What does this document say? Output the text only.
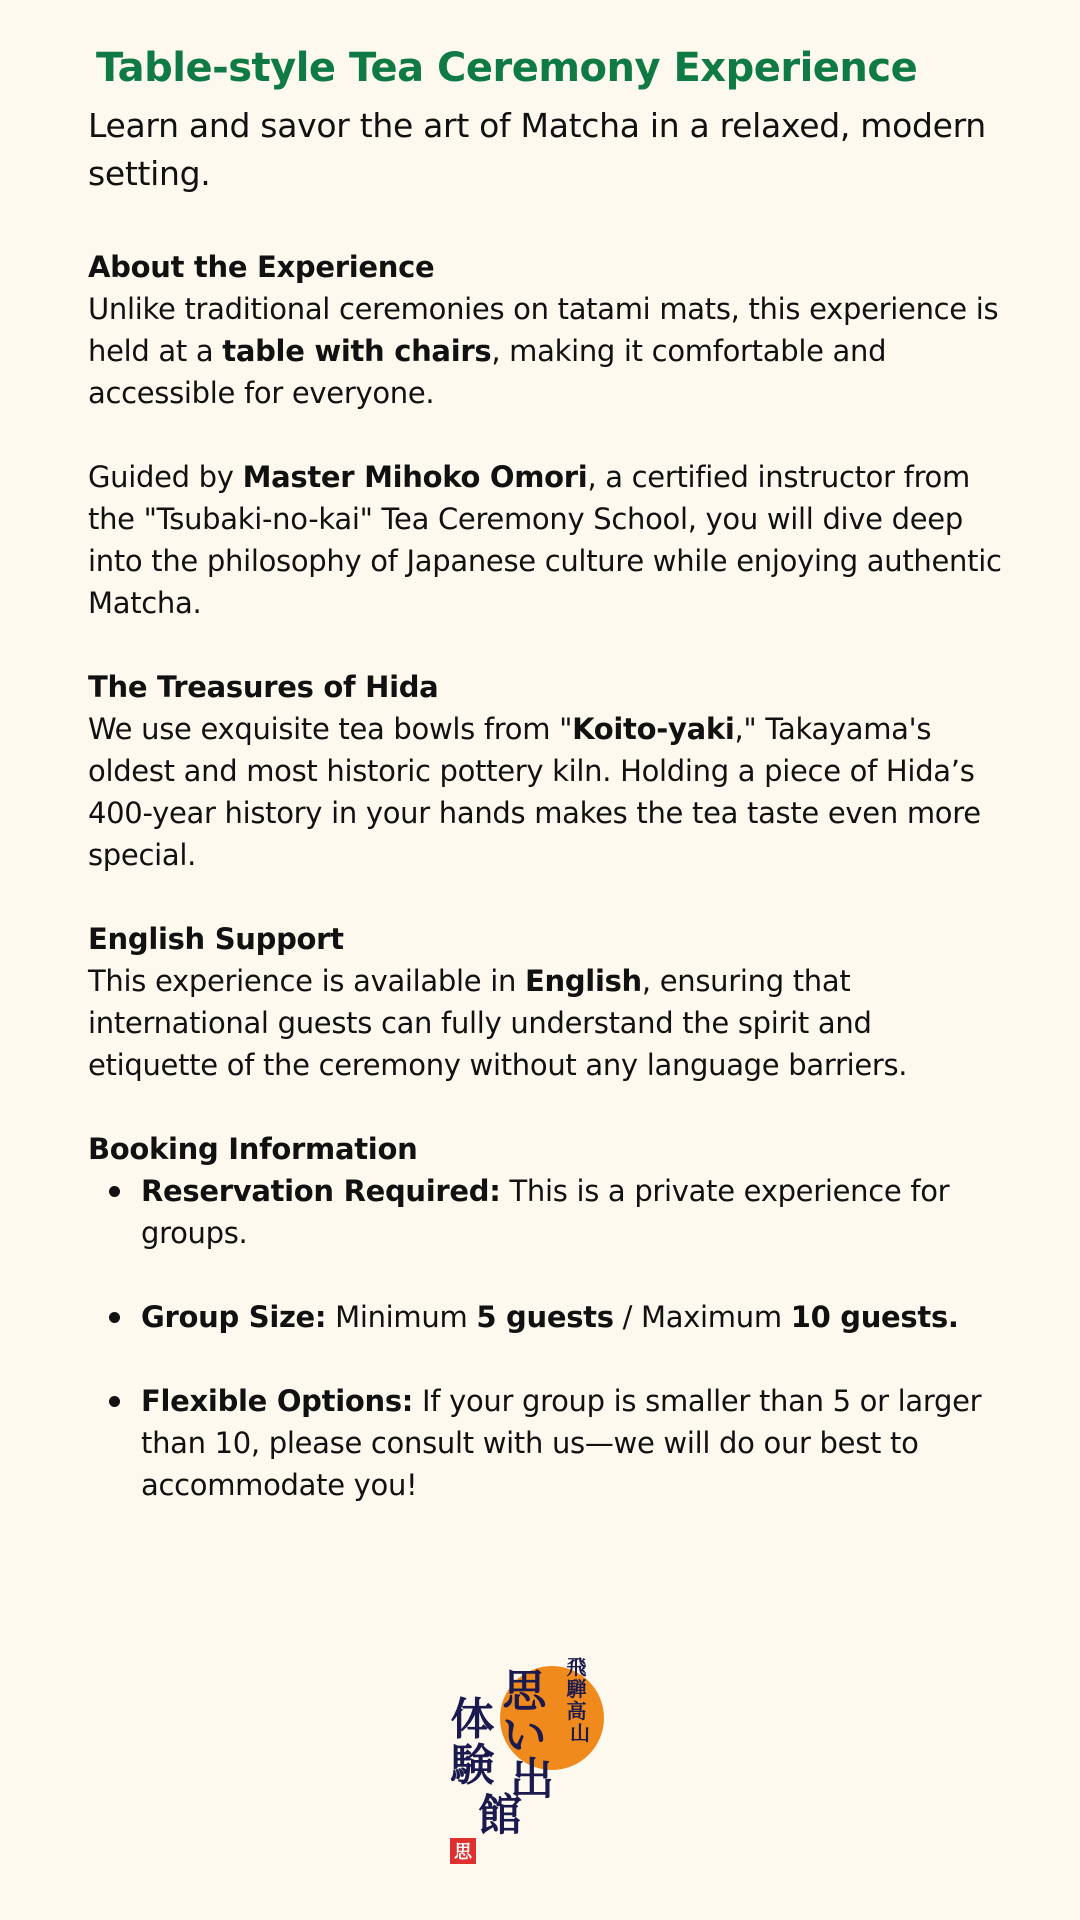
Table-style Tea Ceremony Experience

Learn and savor the art of Matcha in a relaxed, modern setting.

About the Experience

Unlike traditional ceremonies on tatami mats, this experience is held at a table with chairs, making it comfortable and accessible for everyone.

Guided by Master Mihoko Omori, a certified instructor from the "Tsubaki-no-kai" Tea Ceremony School, you will dive deep into the philosophy of Japanese culture while enjoying authentic Matcha.

The Treasures of Hida

We use exquisite tea bowls from "Koito-yaki," Takayama's oldest and most historic pottery kiln. Holding a piece of Hida’s 400-year history in your hands makes the tea taste even more special.

English Support

This experience is available in English, ensuring that international guests can fully understand the spirit and etiquette of the ceremony without any language barriers.

Booking Information
Reservation Required: This is a private experience for groups.
Group Size: Minimum 5 guests / Maximum 10 guests.
Flexible Options: If your group is smaller than 5 or larger than 10, please consult with us—we will do our best to accommodate you!
飛 騨 高 山
思 い 出
体 験 館
思
